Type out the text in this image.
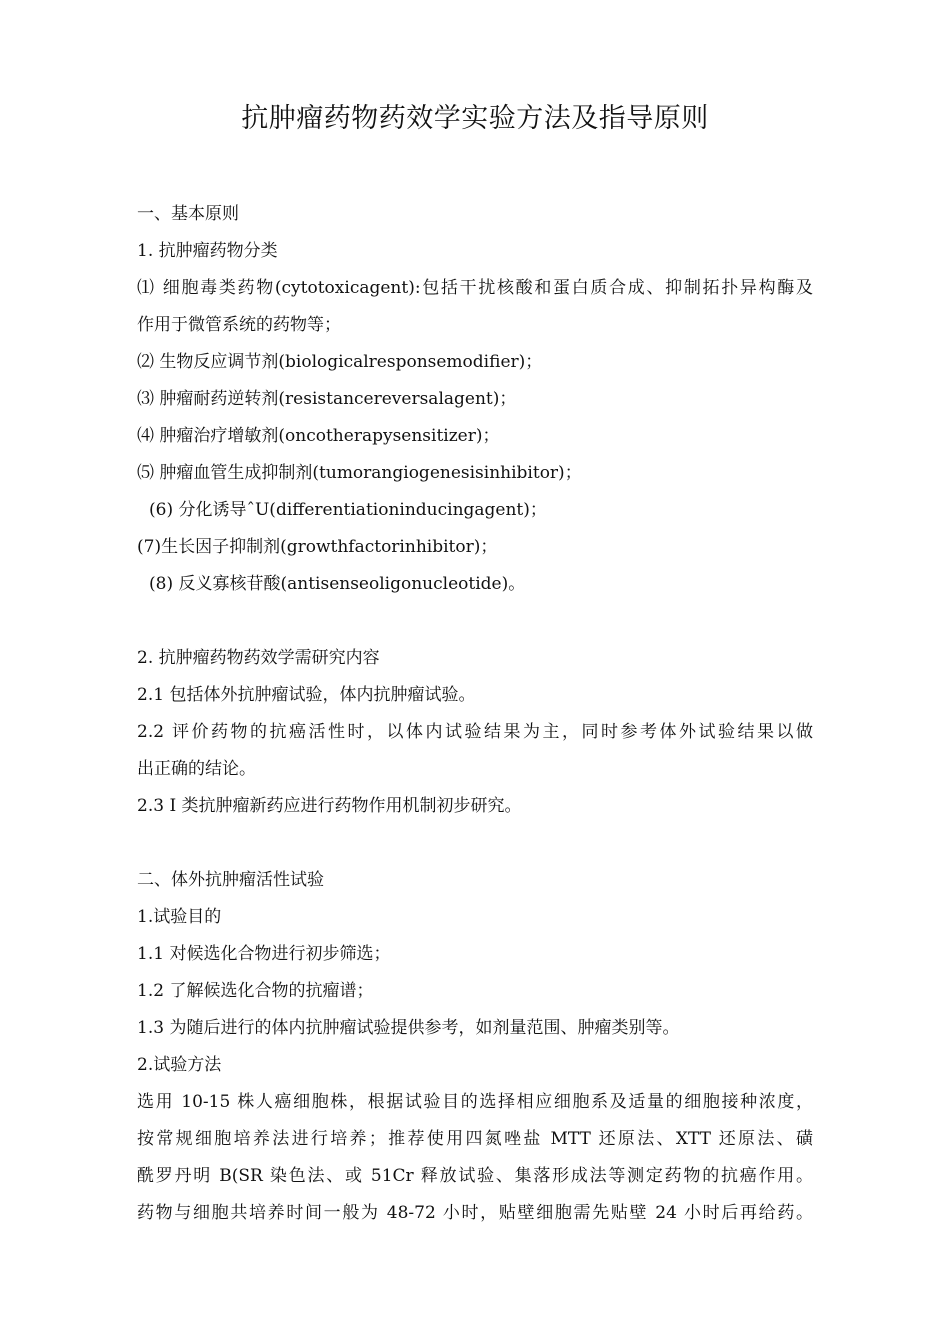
抗肿瘤药物药效学实验方法及指导原则
一、基本原则
1. 抗肿瘤药物分类
⑴ 细胞毒类药物(cytotoxicagent):包括干扰核酸和蛋白质合成、抑制拓扑异构酶及
作用于微管系统的药物等；
⑵ 生物反应调节剂(biologicalresponsemodifier)；
⑶ 肿瘤耐药逆转剂(resistancereversalagent)；
⑷ 肿瘤治疗增敏剂(oncotherapysensitizer)；
⑸ 肿瘤血管生成抑制剂(tumorangiogenesisinhibitor)；
(6) 分化诱导ˆU(differentiationinducingagent)；
(7)生长因子抑制剂(growthfactorinhibitor)；
(8) 反义寡核苷酸(antisenseoligonucleotide)。
2. 抗肿瘤药物药效学需研究内容
2.1 包括体外抗肿瘤试验，体内抗肿瘤试验。
2.2 评价药物的抗癌活性时，以体内试验结果为主，同时参考体外试验结果以做
出正确的结论。
2.3 I 类抗肿瘤新药应进行药物作用机制初步研究。
二、体外抗肿瘤活性试验
1.试验目的
1.1 对候选化合物进行初步筛选；
1.2 了解候选化合物的抗瘤谱；
1.3 为随后进行的体内抗肿瘤试验提供参考，如剂量范围、肿瘤类别等。
2.试验方法
选用 10-15 株人癌细胞株，根据试验目的选择相应细胞系及适量的细胞接种浓度，
按常规细胞培养法进行培养；推荐使用四氮唑盐 MTT 还原法、XTT 还原法、磺
酰罗丹明 B(SR 染色法、或 51Cr 释放试验、集落形成法等测定药物的抗癌作用。
药物与细胞共培养时间一般为 48-72 小时，贴壁细胞需先贴壁 24 小时后再给药。
